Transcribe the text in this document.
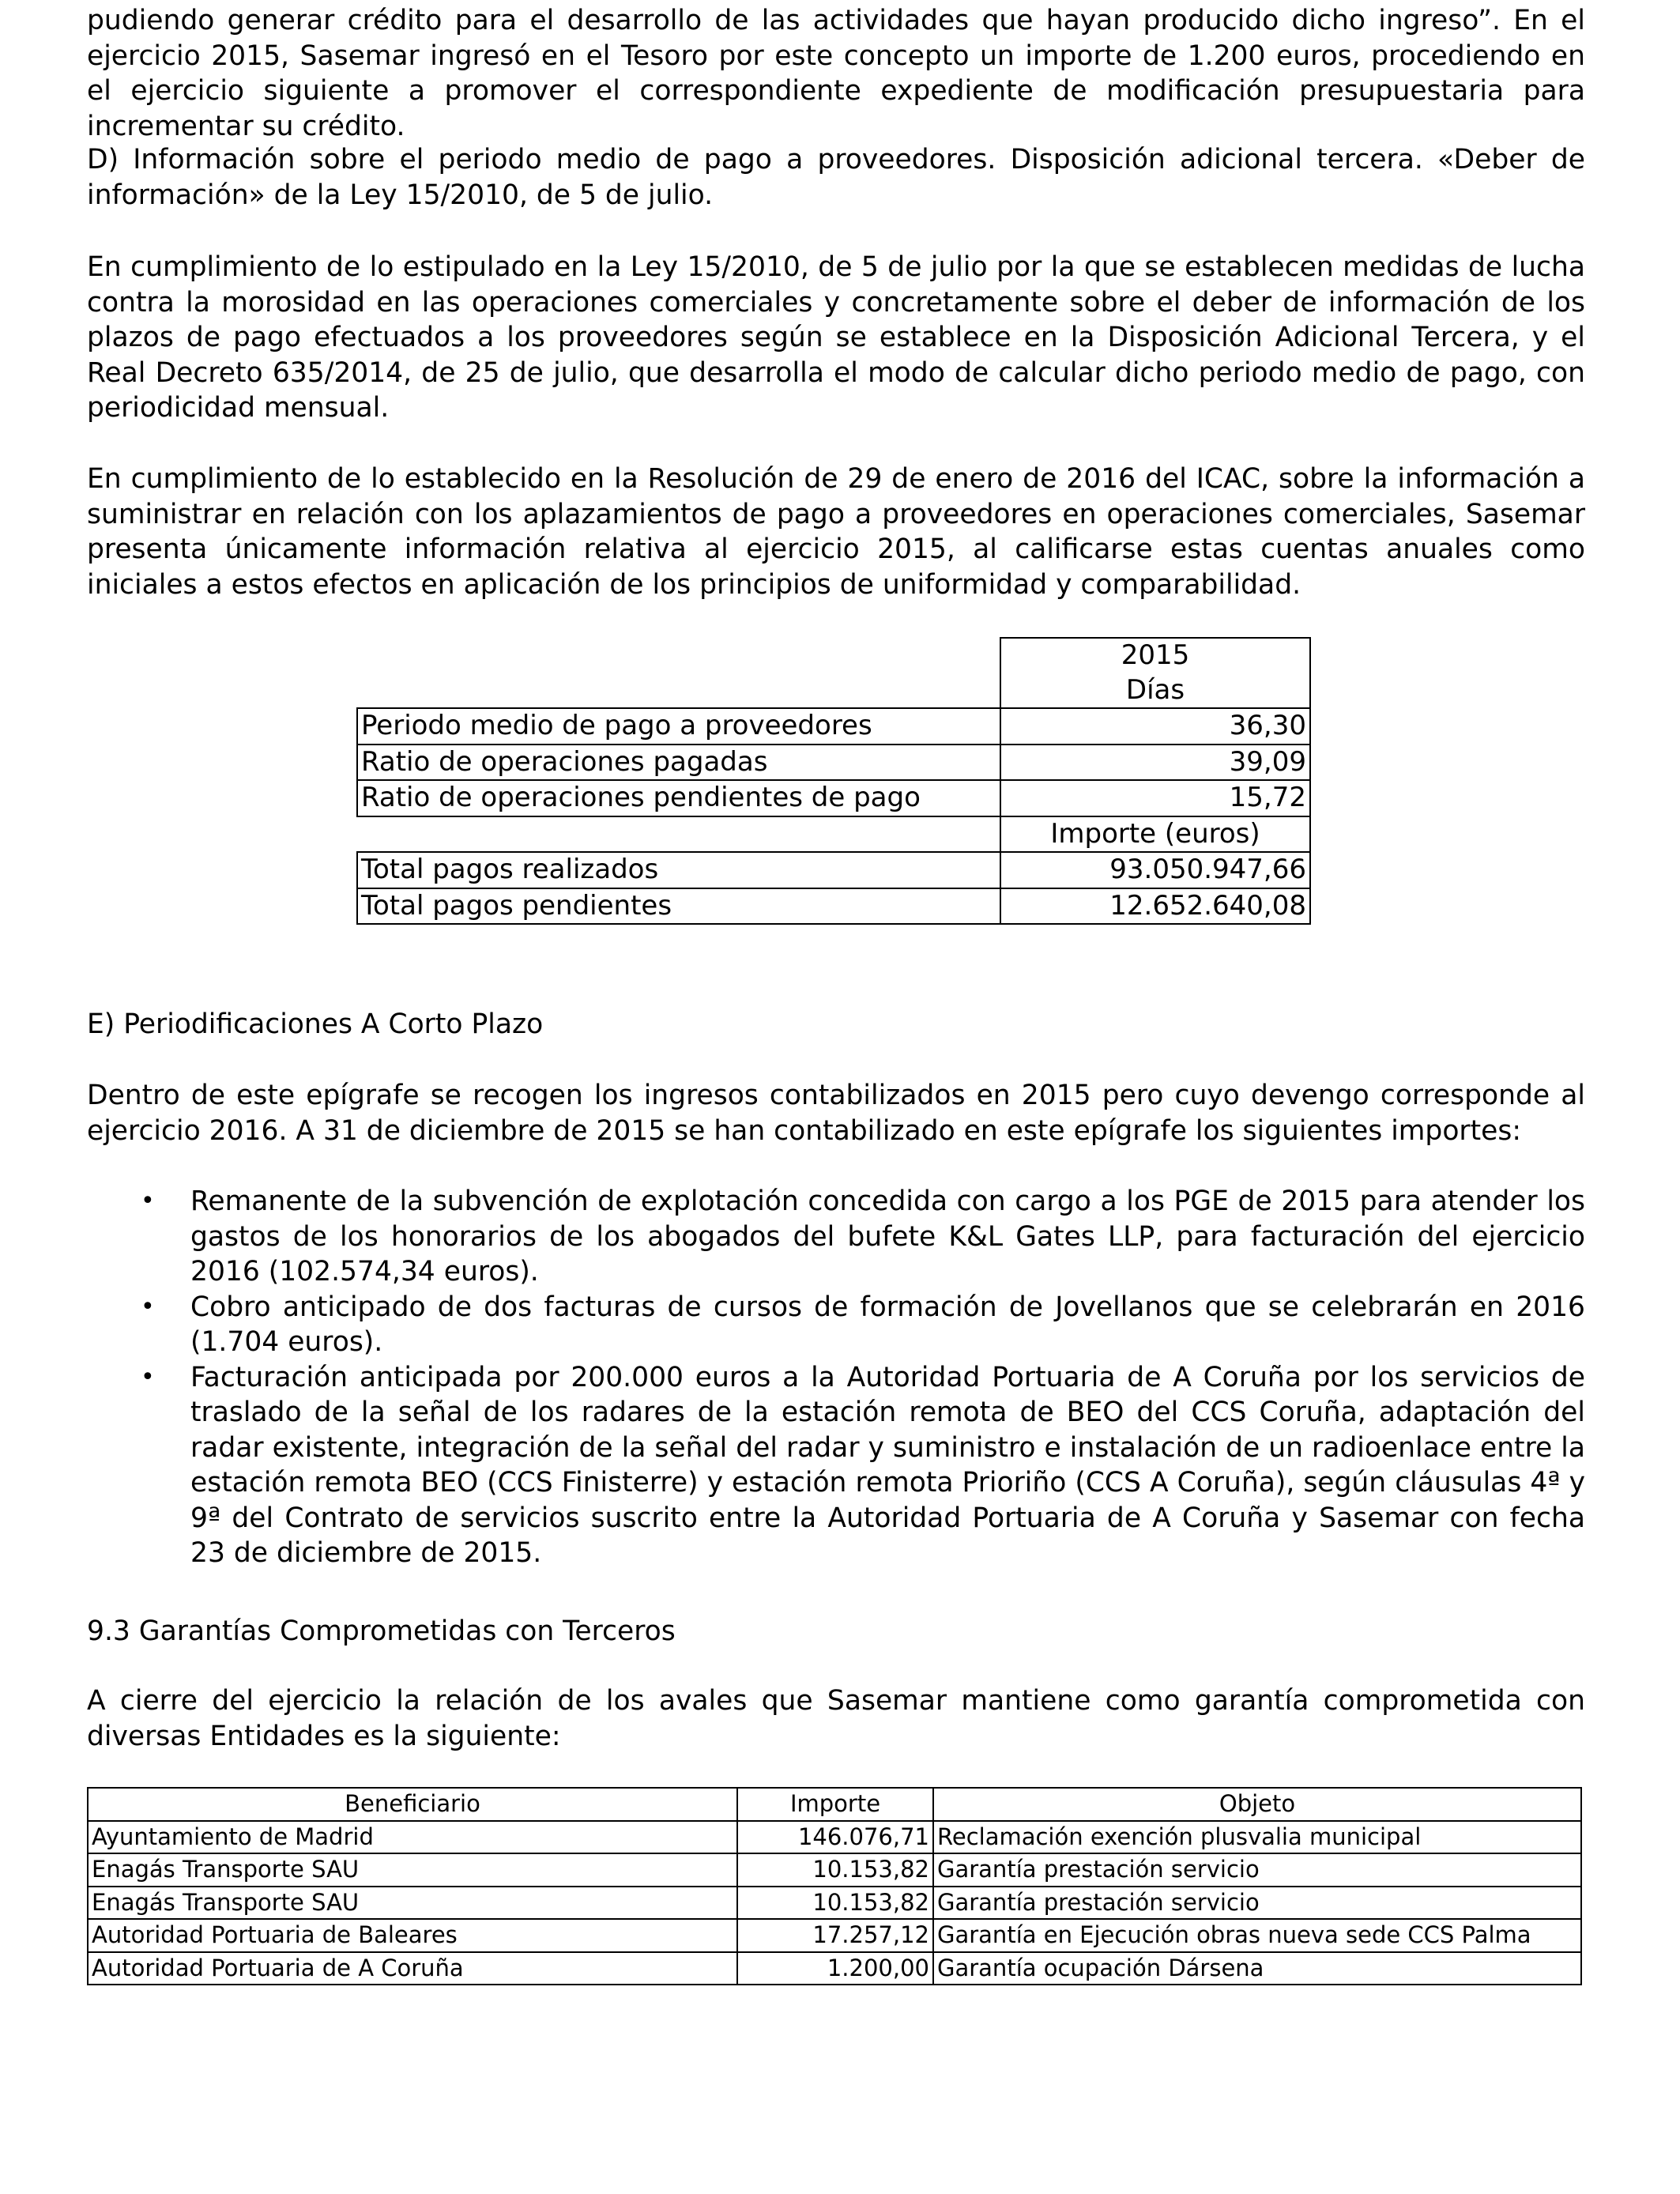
pudiendo generar crédito para el desarrollo de las actividades que hayan producido dicho ingreso”. En el ejercicio 2015, Sasemar ingresó en el Tesoro por este concepto un importe de 1.200 euros, procediendo en el ejercicio siguiente a promover el correspondiente expediente de modificación presupuestaria para incrementar su crédito.

D) Información sobre el periodo medio de pago a proveedores. Disposición adicional tercera. «Deber de información» de la Ley 15/2010, de 5 de julio.

En cumplimiento de lo estipulado en la Ley 15/2010, de 5 de julio por la que se establecen medidas de lucha contra la morosidad en las operaciones comerciales y concretamente sobre el deber de información de los plazos de pago efectuados a los proveedores según se establece en la Disposición Adicional Tercera, y el Real Decreto 635/2014, de 25 de julio, que desarrolla el modo de calcular dicho periodo medio de pago, con periodicidad mensual.

En cumplimiento de lo establecido en la Resolución de 29 de enero de 2016 del ICAC, sobre la información a suministrar en relación con los aplazamientos de pago a proveedores en operaciones comerciales, Sasemar presenta únicamente información relativa al ejercicio 2015, al calificarse estas cuentas anuales como iniciales a estos efectos en aplicación de los principios de uniformidad y comparabilidad.

	2015
	Días
Periodo medio de pago a proveedores	36,30
Ratio de operaciones pagadas	39,09
Ratio de operaciones pendientes de pago	15,72
	Importe (euros)
Total pagos realizados	93.050.947,66
Total pagos pendientes	12.652.640,08

E) Periodificaciones A Corto Plazo

Dentro de este epígrafe se recogen los ingresos contabilizados en 2015 pero cuyo devengo corresponde al ejercicio 2016. A 31 de diciembre de 2015 se han contabilizado en este epígrafe los siguientes importes:

• Remanente de la subvención de explotación concedida con cargo a los PGE de 2015 para atender los gastos de los honorarios de los abogados del bufete K&L Gates LLP, para facturación del ejercicio 2016 (102.574,34 euros).
• Cobro anticipado de dos facturas de cursos de formación de Jovellanos que se celebrarán en 2016 (1.704 euros).
• Facturación anticipada por 200.000 euros a la Autoridad Portuaria de A Coruña por los servicios de traslado de la señal de los radares de la estación remota de BEO del CCS Coruña, adaptación del radar existente, integración de la señal del radar y suministro e instalación de un radioenlace entre la estación remota BEO (CCS Finisterre) y estación remota Prioriño (CCS A Coruña), según cláusulas 4ª y 9ª del Contrato de servicios suscrito entre la Autoridad Portuaria de A Coruña y Sasemar con fecha 23 de diciembre de 2015.

9.3 Garantías Comprometidas con Terceros

A cierre del ejercicio la relación de los avales que Sasemar mantiene como garantía comprometida con diversas Entidades es la siguiente:

Beneficiario	Importe	Objeto
Ayuntamiento de Madrid	146.076,71	Reclamación exención plusvalia municipal
Enagás Transporte SAU	10.153,82	Garantía prestación servicio
Enagás Transporte SAU	10.153,82	Garantía prestación servicio
Autoridad Portuaria de Baleares	17.257,12	Garantía en Ejecución obras nueva sede CCS Palma
Autoridad Portuaria de A Coruña	1.200,00	Garantía ocupación Dársena
